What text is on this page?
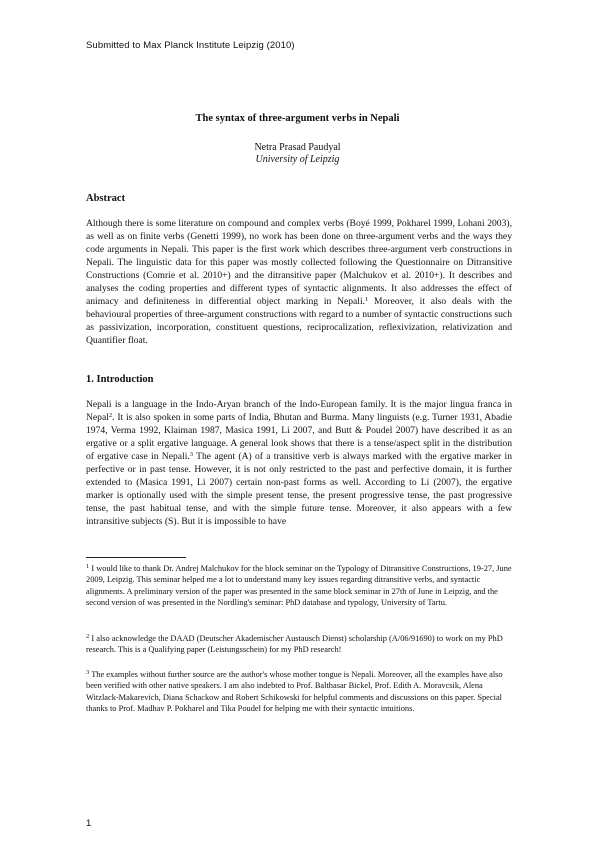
Submitted to Max Planck Institute Leipzig (2010)
The syntax of three-argument verbs in Nepali
Netra Prasad Paudyal
University of Leipzig
Abstract
Although there is some literature on compound and complex verbs (Boyé 1999, Pokharel 1999, Lohani 2003), as well as on finite verbs (Genetti 1999), no work has been done on three-argument verbs and the ways they code arguments in Nepali. This paper is the first work which describes three-argument verb constructions in Nepali. The linguistic data for this paper was mostly collected following the Questionnaire on Ditransitive Constructions (Comrie et al. 2010+) and the ditransitive paper (Malchukov et al. 2010+). It describes and analyses the coding properties and different types of syntactic alignments. It also addresses the effect of animacy and definiteness in differential object marking in Nepali.$^1$ Moreover, it also deals with the behavioural properties of three-argument constructions with regard to a number of syntactic constructions such as passivization, incorporation, constituent questions, reciprocalization, reflexivization, relativization and Quantifier float.
1. Introduction
Nepali is a language in the Indo-Aryan branch of the Indo-European family. It is the major lingua franca in Nepal$^2$. It is also spoken in some parts of India, Bhutan and Burma. Many linguists (e.g. Turner 1931, Abadie 1974, Verma 1992, Klaiman 1987, Masica 1991, Li 2007, and Butt & Poudel 2007) have described it as an ergative or a split ergative language. A general look shows that there is a tense/aspect split in the distribution of ergative case in Nepali.$^3$ The agent (A) of a transitive verb is always marked with the ergative marker in perfective or in past tense. However, it is not only restricted to the past and perfective domain, it is further extended to (Masica 1991, Li 2007) certain non-past forms as well. According to Li (2007), the ergative marker is optionally used with the simple present tense, the present progressive tense, the past progressive tense, the past habitual tense, and with the simple future tense. Moreover, it also appears with a few intransitive subjects (S). But it is impossible to have
$^1$ I would like to thank Dr. Andrej Malchukov for the block seminar on the Typology of Ditransitive Constructions, 19-27, June 2009, Leipzig. This seminar helped me a lot to understand many key issues regarding ditransitive verbs, and syntactic alignments. A preliminary version of the paper was presented in the same block seminar in 27th of June in Leipzig, and the second version of was presented in the Nordling's seminar: PhD database and typology, University of Tartu.
$^2$ I also acknowledge the DAAD (Deutscher Akademischer Austausch Dienst) scholarship (A/06/91690) to work on my PhD research. This is a Qualifying paper (Leistungsschein) for my PhD research!
$^3$ The examples without further source are the author's whose mother tongue is Nepali. Moreover, all the examples have also been verified with other native speakers. I am also indebted to Prof. Balthasar Bickel, Prof. Edith A. Moravcsik, Alena Witzlack-Makarevich, Diana Schackow and Robert Schikowski for helpful comments and discussions on this paper. Special thanks to Prof. Madhav P. Pokharel and Tika Poudel for helping me with their syntactic intuitions.
1
